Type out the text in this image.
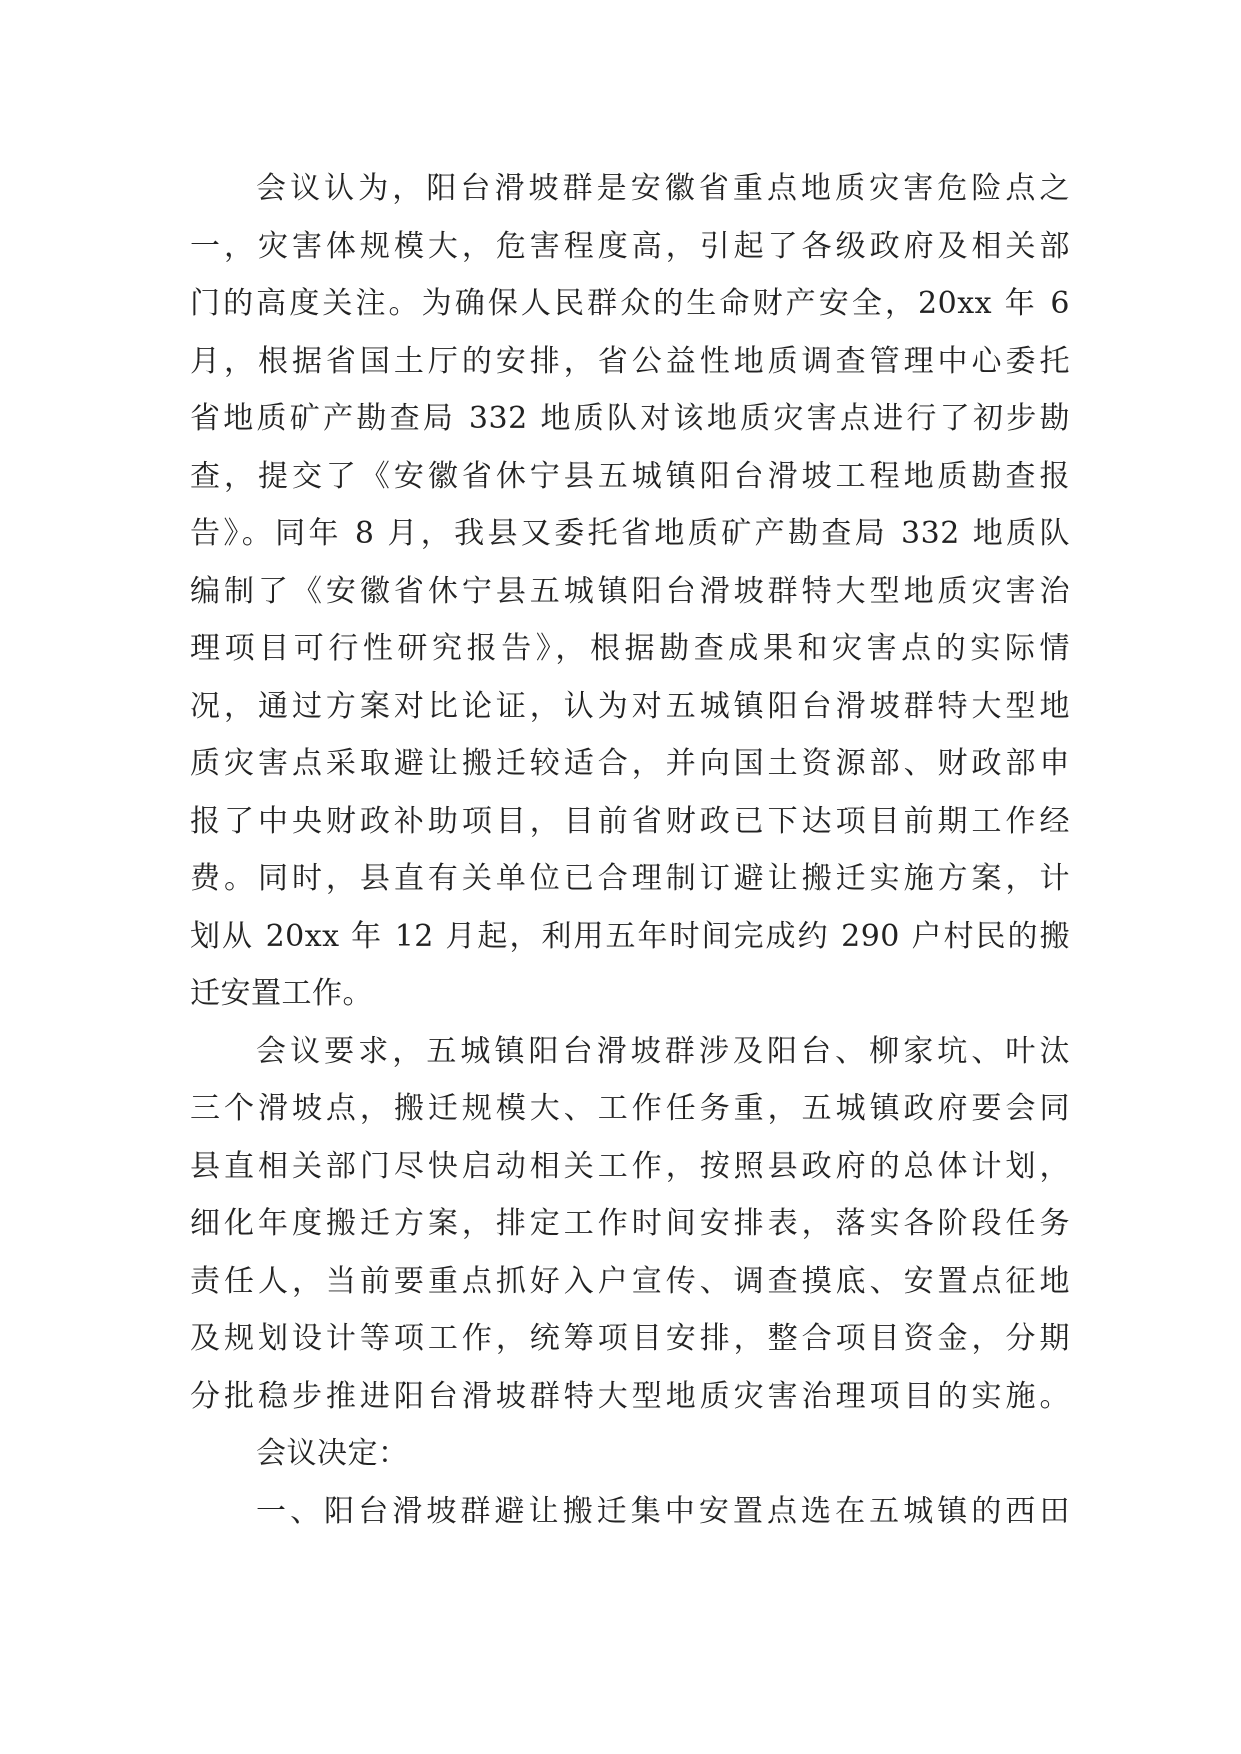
会议认为，阳台滑坡群是安徽省重点地质灾害危险点之
一，灾害体规模大，危害程度高，引起了各级政府及相关部
门的高度关注。为确保人民群众的生命财产安全，20xx 年 6
月，根据省国土厅的安排，省公益性地质调查管理中心委托
省地质矿产勘查局 332 地质队对该地质灾害点进行了初步勘
查，提交了《安徽省休宁县五城镇阳台滑坡工程地质勘查报
告》。同年 8 月，我县又委托省地质矿产勘查局 332 地质队
编制了《安徽省休宁县五城镇阳台滑坡群特大型地质灾害治
理项目可行性研究报告》，根据勘查成果和灾害点的实际情
况，通过方案对比论证，认为对五城镇阳台滑坡群特大型地
质灾害点采取避让搬迁较适合，并向国土资源部、财政部申
报了中央财政补助项目，目前省财政已下达项目前期工作经
费。同时，县直有关单位已合理制订避让搬迁实施方案，计
划从 20xx 年 12 月起，利用五年时间完成约 290 户村民的搬
迁安置工作。
会议要求，五城镇阳台滑坡群涉及阳台、柳家坑、叶汰
三个滑坡点，搬迁规模大、工作任务重，五城镇政府要会同
县直相关部门尽快启动相关工作，按照县政府的总体计划，
细化年度搬迁方案，排定工作时间安排表，落实各阶段任务
责任人，当前要重点抓好入户宣传、调查摸底、安置点征地
及规划设计等项工作，统筹项目安排，整合项目资金，分期
分批稳步推进阳台滑坡群特大型地质灾害治理项目的实施。
会议决定：
一、阳台滑坡群避让搬迁集中安置点选在五城镇的西田
